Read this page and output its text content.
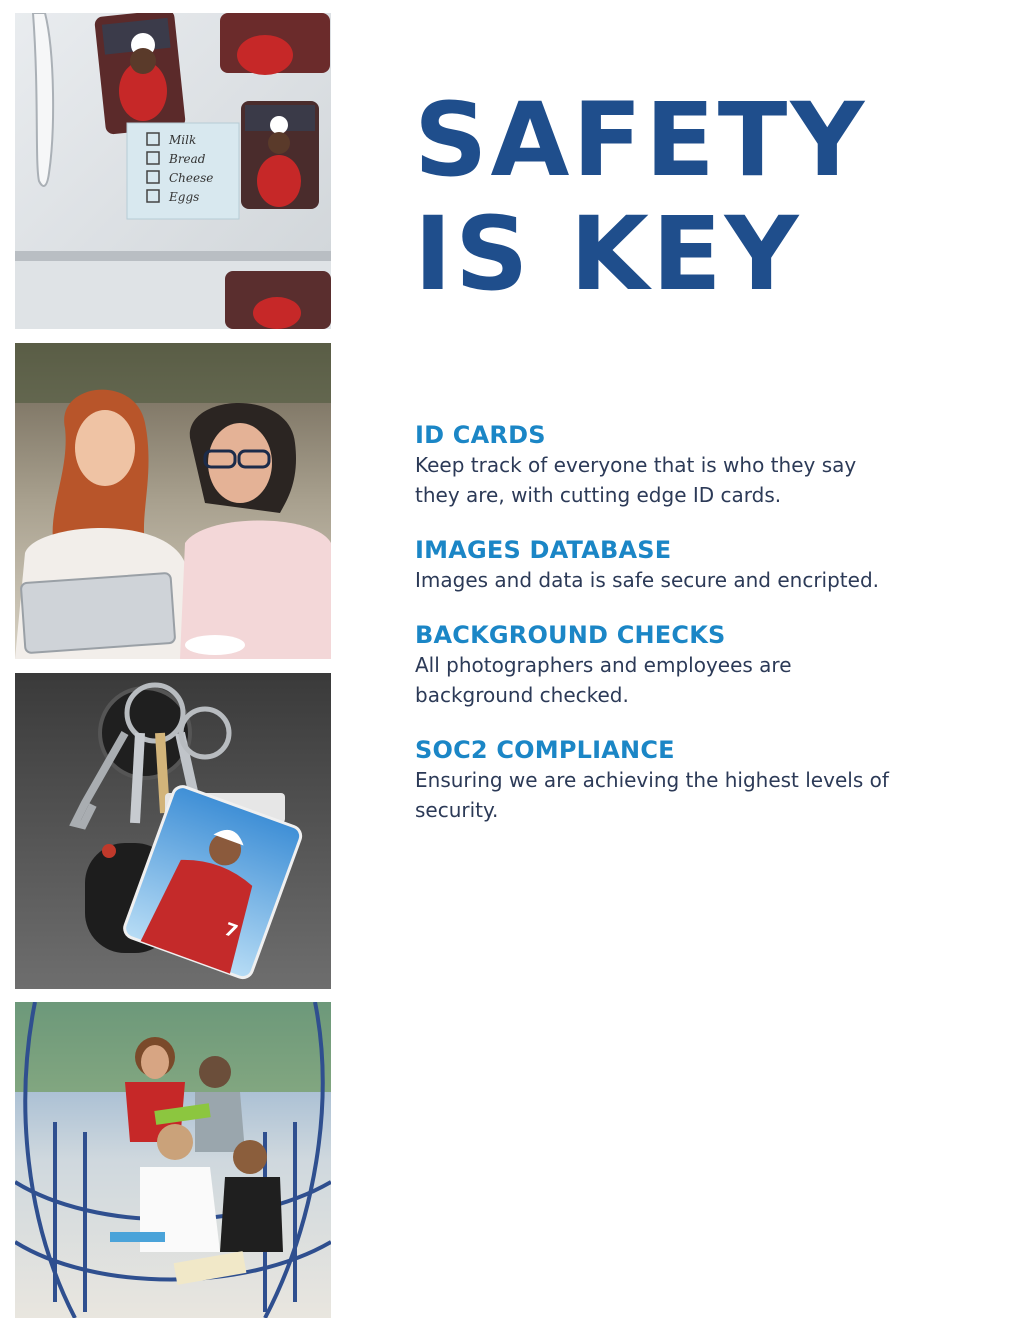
Milk
Bread
Cheese
Eggs
7
SAFETY
IS KEY
ID CARDS

Keep track of everyone that is who they say they are, with cutting edge ID cards.

IMAGES DATABASE

Images and data is safe secure and encripted.

BACKGROUND CHECKS

All photographers and employees are background checked.

SOC2 COMPLIANCE

Ensuring we are achieving the highest levels of security.
